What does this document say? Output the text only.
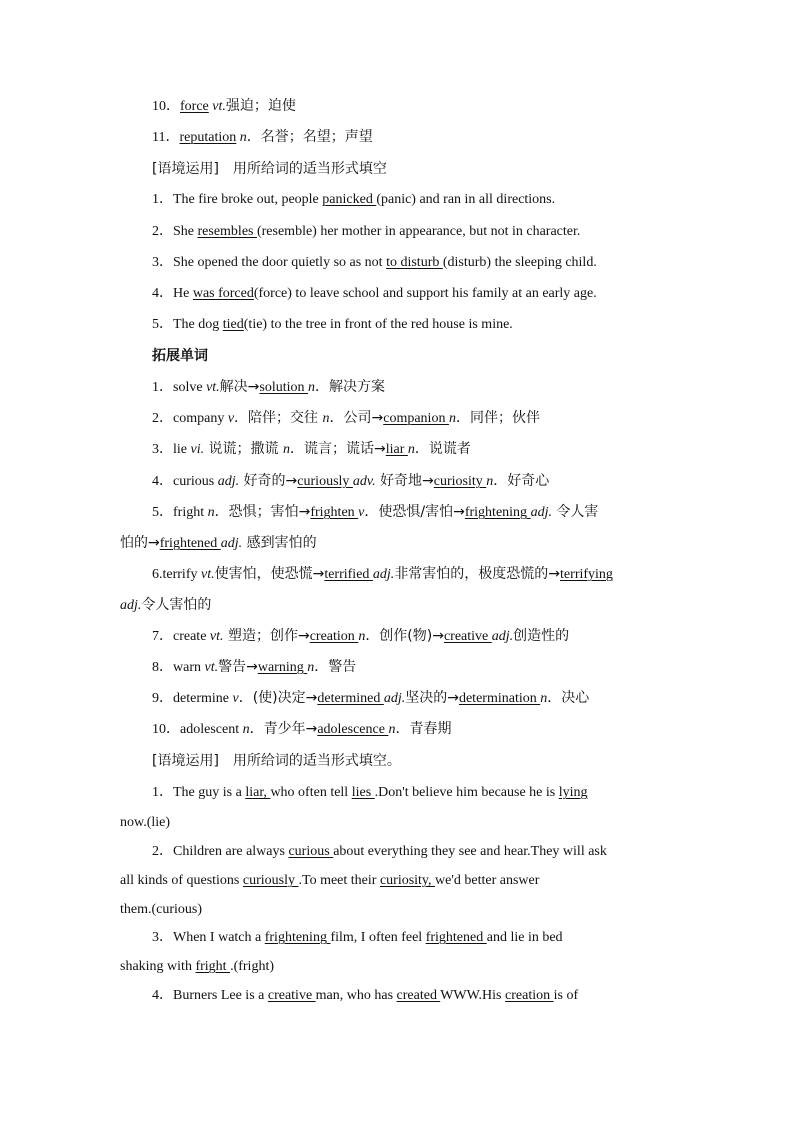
10．force vt.强迫；迫使
11．reputation n．名誉；名望；声望
[语境运用]　用所给词的适当形式填空
1．The fire broke out, people panicked (panic) and ran in all directions.
2．She resembles (resemble) her mother in appearance, but not in character.
3．She opened the door quietly so as not to disturb (disturb) the sleeping child.
4．He was forced(force) to leave school and support his family at an early age.
5．The dog tied(tie) to the tree in front of the red house is mine.
拓展单词
1．solve vt.解决→solution n．解决方案
2．company v．陪伴；交往 n．公司→companion n．同伴；伙伴
3．lie vi. 说谎；撒谎 n．谎言；谎话→liar n．说谎者
4．curious adj. 好奇的→curiously adv. 好奇地→curiosity n．好奇心
5．fright n．恐惧；害怕→frighten v．使恐惧/害怕→frightening adj. 令人害
怕的→frightened adj. 感到害怕的
6.terrify vt.使害怕，使恐慌→terrified adj.非常害怕的，极度恐慌的→terrifying
adj.令人害怕的
7．create vt. 塑造；创作→creation n．创作(物)→creative adj.创造性的
8．warn vt.警告→warning n．警告
9．determine v．(使)决定→determined adj.坚决的→determination n．决心
10．adolescent n．青少年→adolescence n．青春期
[语境运用]　用所给词的适当形式填空。
1．The guy is a liar, who often tell lies .Don't believe him because he is lying
now.(lie)
2．Children are always curious about everything they see and hear.They will ask
all kinds of questions curiously .To meet their curiosity, we'd better answer
them.(curious)
3．When I watch a frightening film, I often feel frightened and lie in bed
shaking with fright .(fright)
4．Burners Lee is a creative man, who has created WWW.His creation is of
